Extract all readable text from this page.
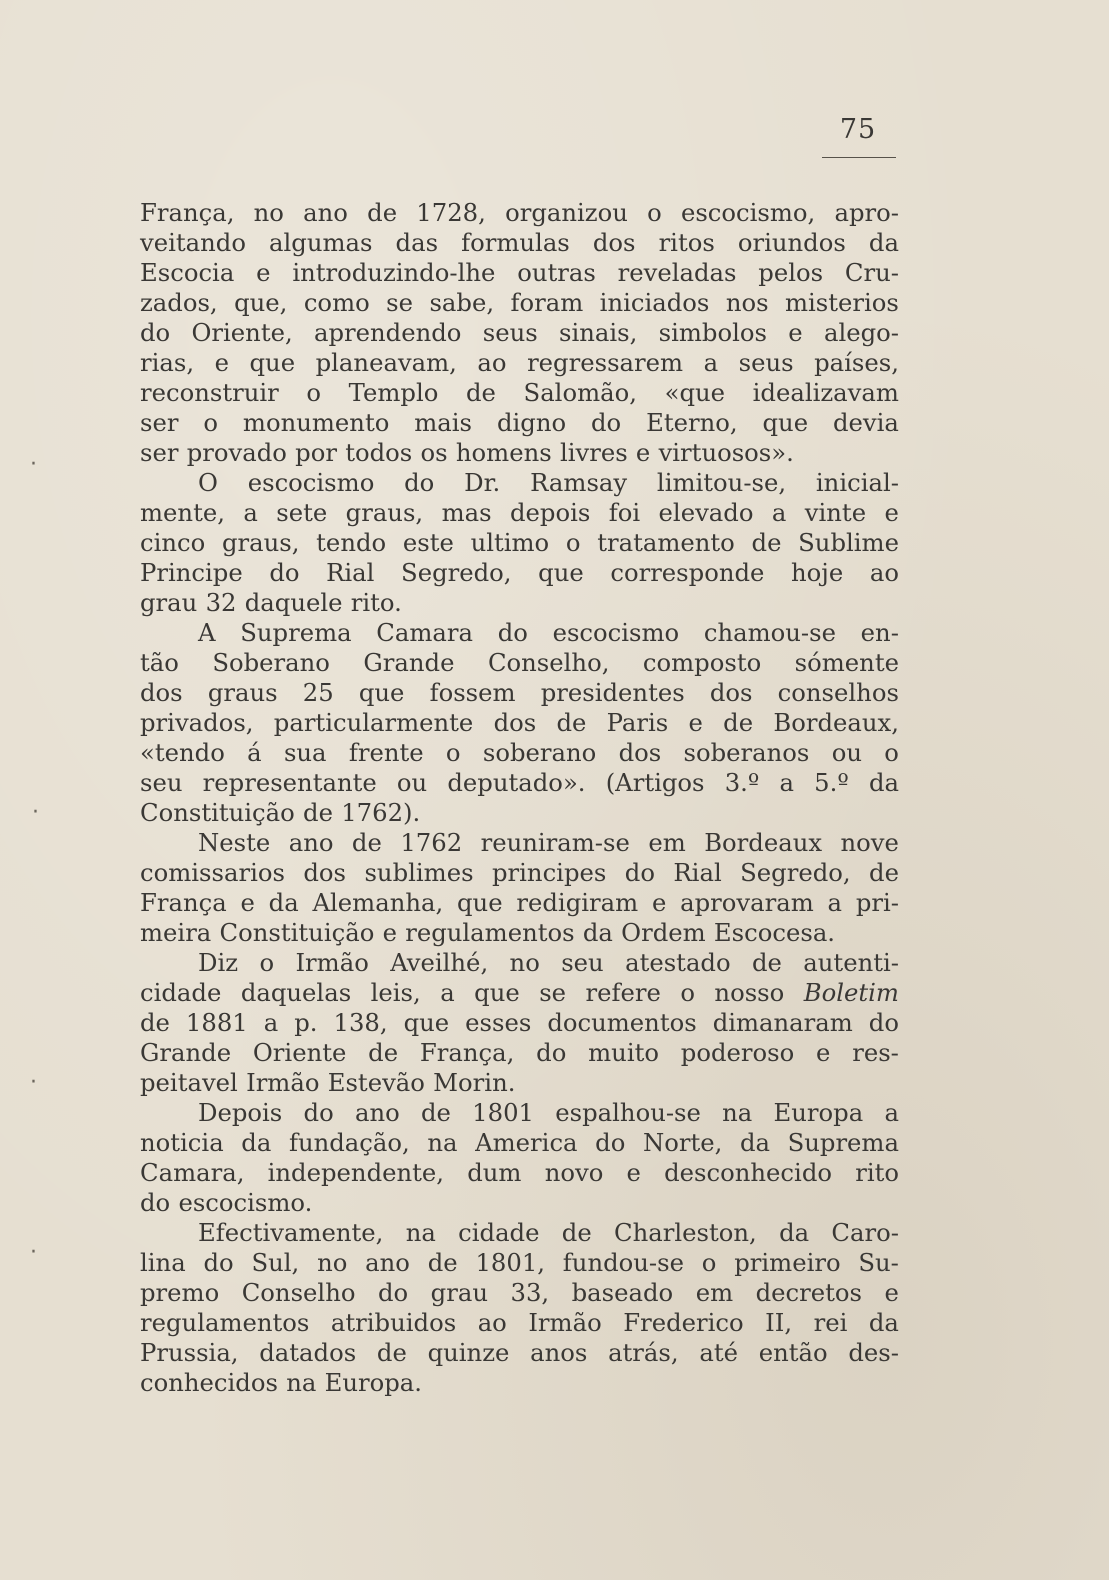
75
França, no ano de 1728, organizou o escocismo, apro-
veitando algumas das formulas dos ritos oriundos da
Escocia e introduzindo-lhe outras reveladas pelos Cru-
zados, que, como se sabe, foram iniciados nos misterios
do Oriente, aprendendo seus sinais, simbolos e alego-
rias, e que planeavam, ao regressarem a seus países,
reconstruir o Templo de Salomão, «que idealizavam
ser o monumento mais digno do Eterno, que devia
ser provado por todos os homens livres e virtuosos».
O escocismo do Dr. Ramsay limitou-se, inicial-
mente, a sete graus, mas depois foi elevado a vinte e
cinco graus, tendo este ultimo o tratamento de Sublime
Principe do Rial Segredo, que corresponde hoje ao
grau 32 daquele rito.
A Suprema Camara do escocismo chamou-se en-
tão Soberano Grande Conselho, composto sómente
dos graus 25 que fossem presidentes dos conselhos
privados, particularmente dos de Paris e de Bordeaux,
«tendo á sua frente o soberano dos soberanos ou o
seu representante ou deputado». (Artigos 3.º a 5.º da
Constituição de 1762).
Neste ano de 1762 reuniram-se em Bordeaux nove
comissarios dos sublimes principes do Rial Segredo, de
França e da Alemanha, que redigiram e aprovaram a pri-
meira Constituição e regulamentos da Ordem Escocesa.
Diz o Irmão Aveilhé, no seu atestado de autenti-
cidade daquelas leis, a que se refere o nosso Boletim
de 1881 a p. 138, que esses documentos dimanaram do
Grande Oriente de França, do muito poderoso e res-
peitavel Irmão Estevão Morin.
Depois do ano de 1801 espalhou-se na Europa a
noticia da fundação, na America do Norte, da Suprema
Camara, independente, dum novo e desconhecido rito
do escocismo.
Efectivamente, na cidade de Charleston, da Caro-
lina do Sul, no ano de 1801, fundou-se o primeiro Su-
premo Conselho do grau 33, baseado em decretos e
regulamentos atribuidos ao Irmão Frederico II, rei da
Prussia, datados de quinze anos atrás, até então des-
conhecidos na Europa.
·
·
·
·
